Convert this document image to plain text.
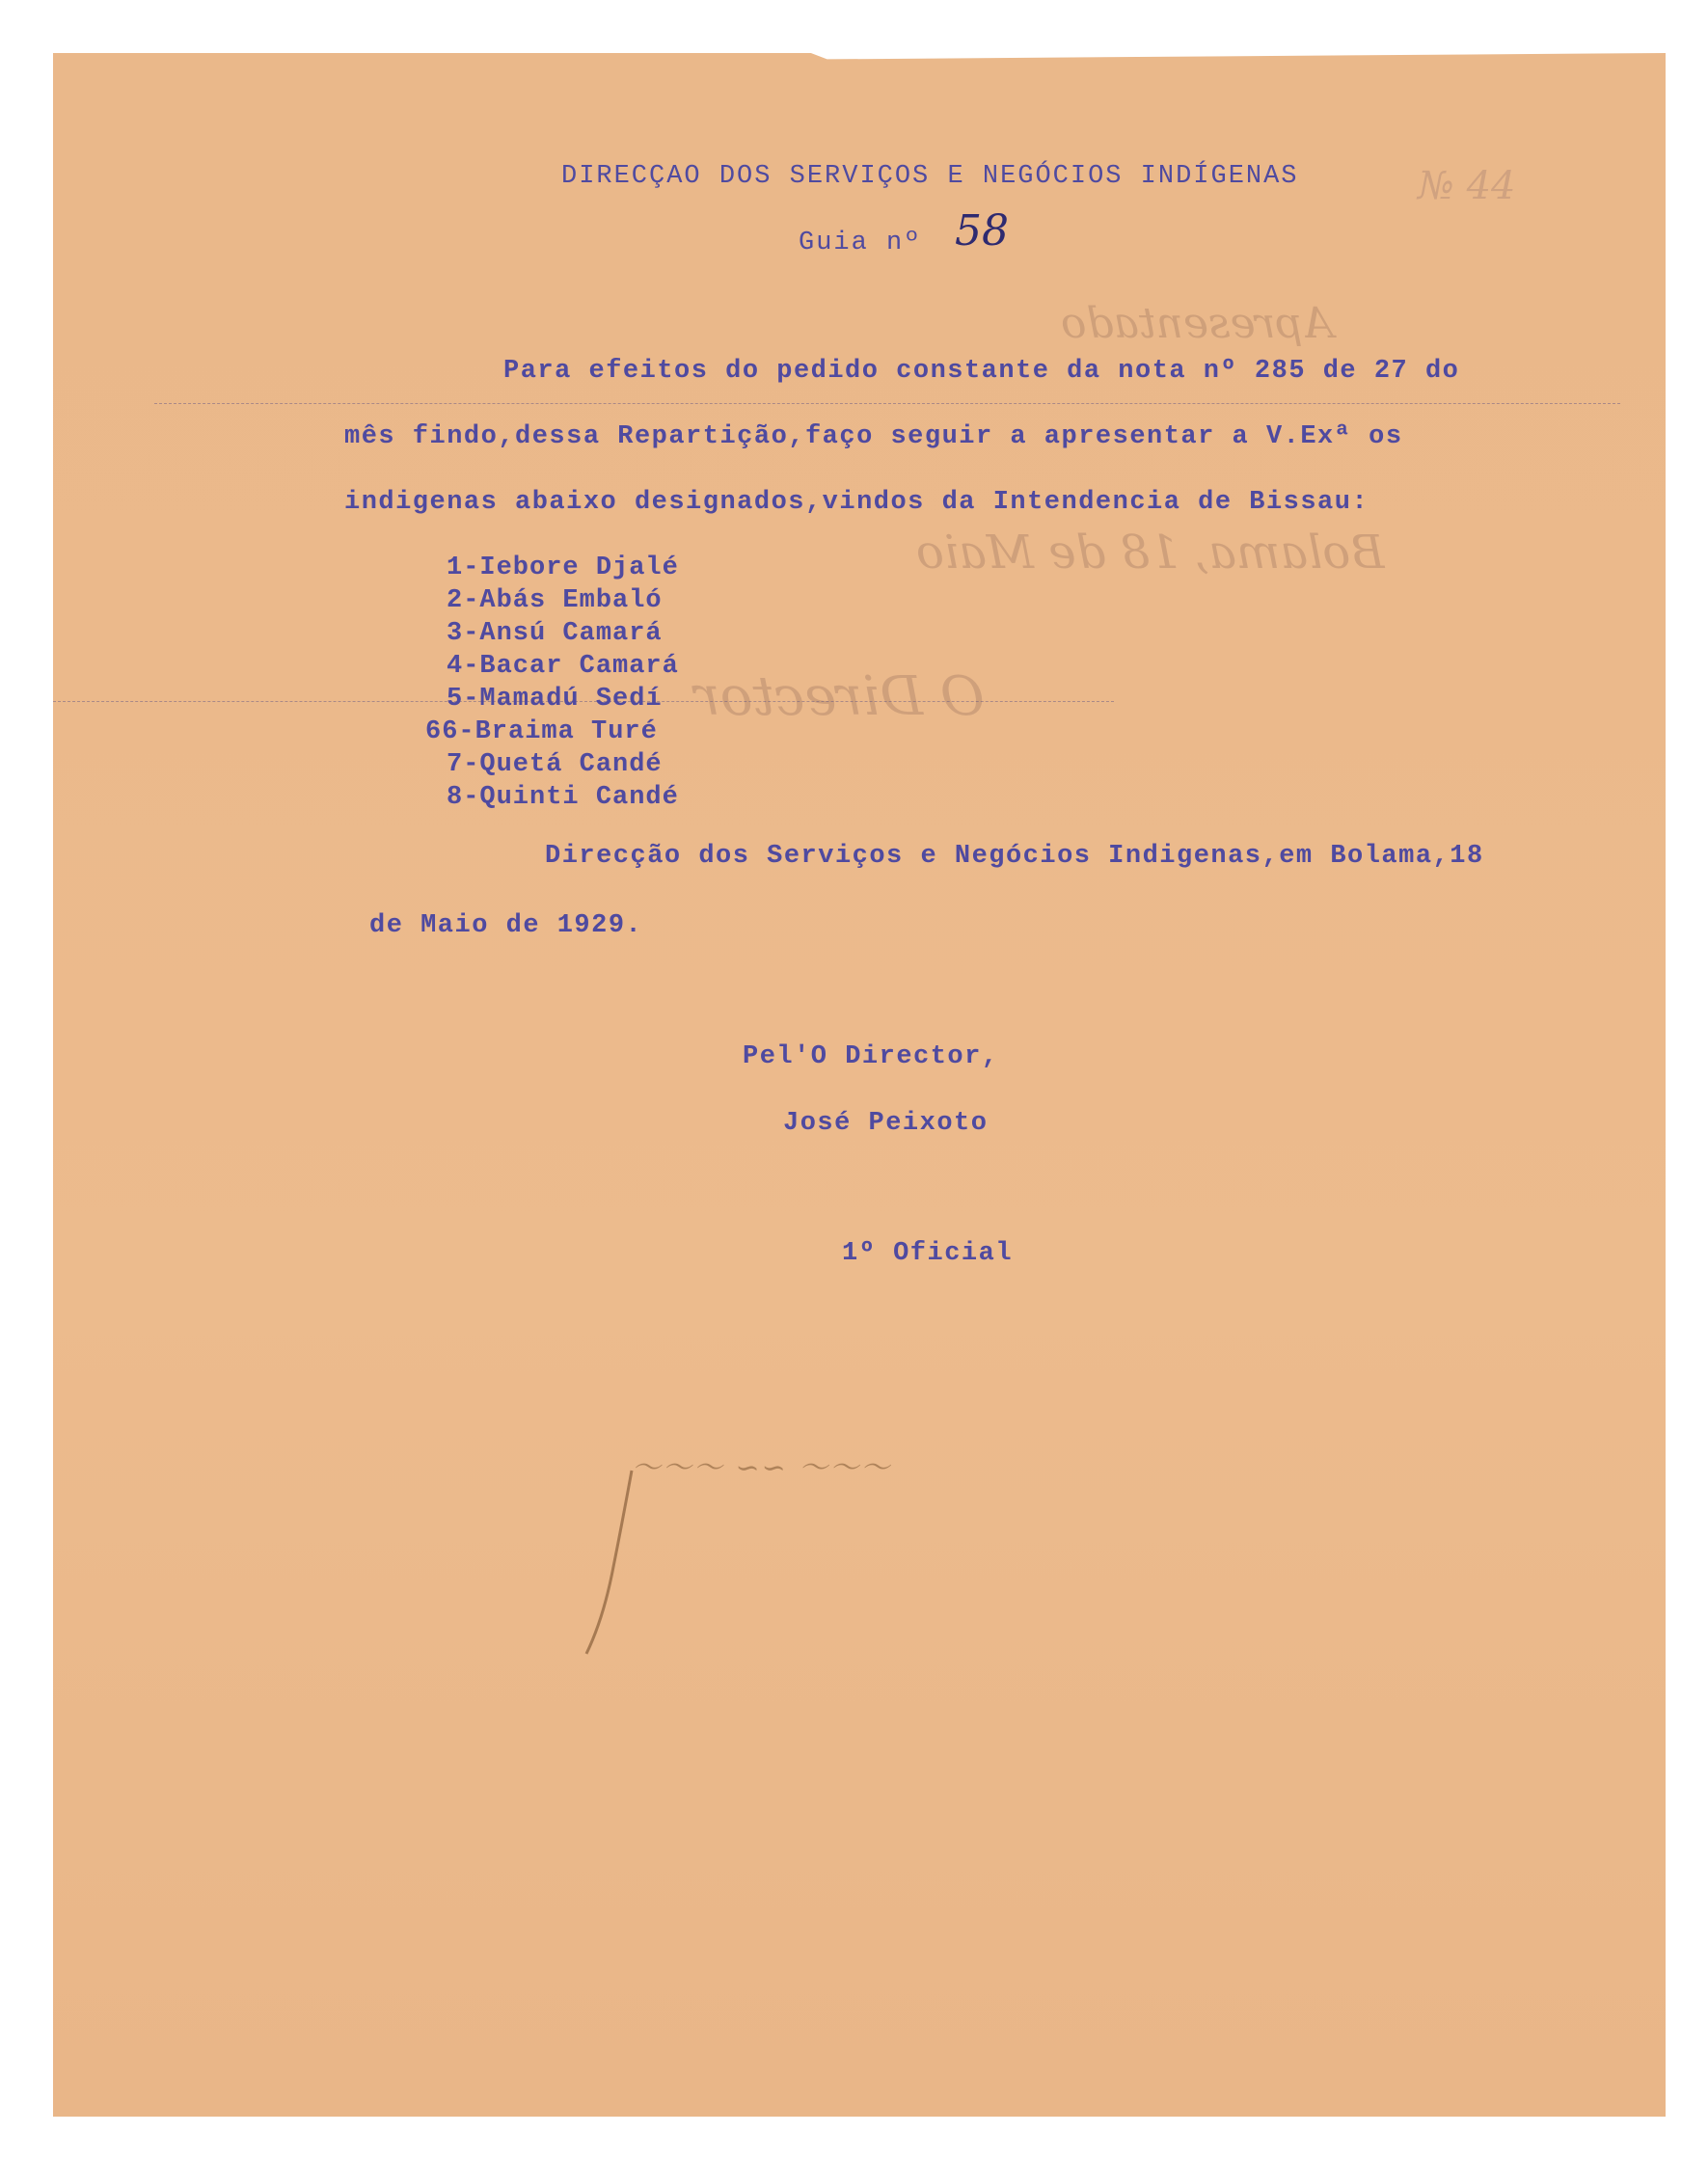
№ 44
Apresentado
Bolama, 18 de Maio
O Director

DIRECÇAO DOS SERVIÇOS E NEGÓCIOS INDÍGENAS

Guia nº 58

Para efeitos do pedido constante da nota nº 285 de 27 do

mês findo,dessa Repartição,faço seguir a apresentar a V.Exª os

indigenas abaixo designados,vindos da Intendencia de Bissau:

1-Iebore Djalé
2-Abás Embaló
3-Ansú Camará
4-Bacar Camará
5-Mamadú Sedí
66-Braima Turé
7-Quetá Candé
8-Quinti Candé

Direcção dos Serviços e Negócios Indigenas,em Bolama,18

de Maio de 1929.

Pel'O Director,

José Peixoto

1º Oficial

〜〜〜 ∽∽ ～～～
